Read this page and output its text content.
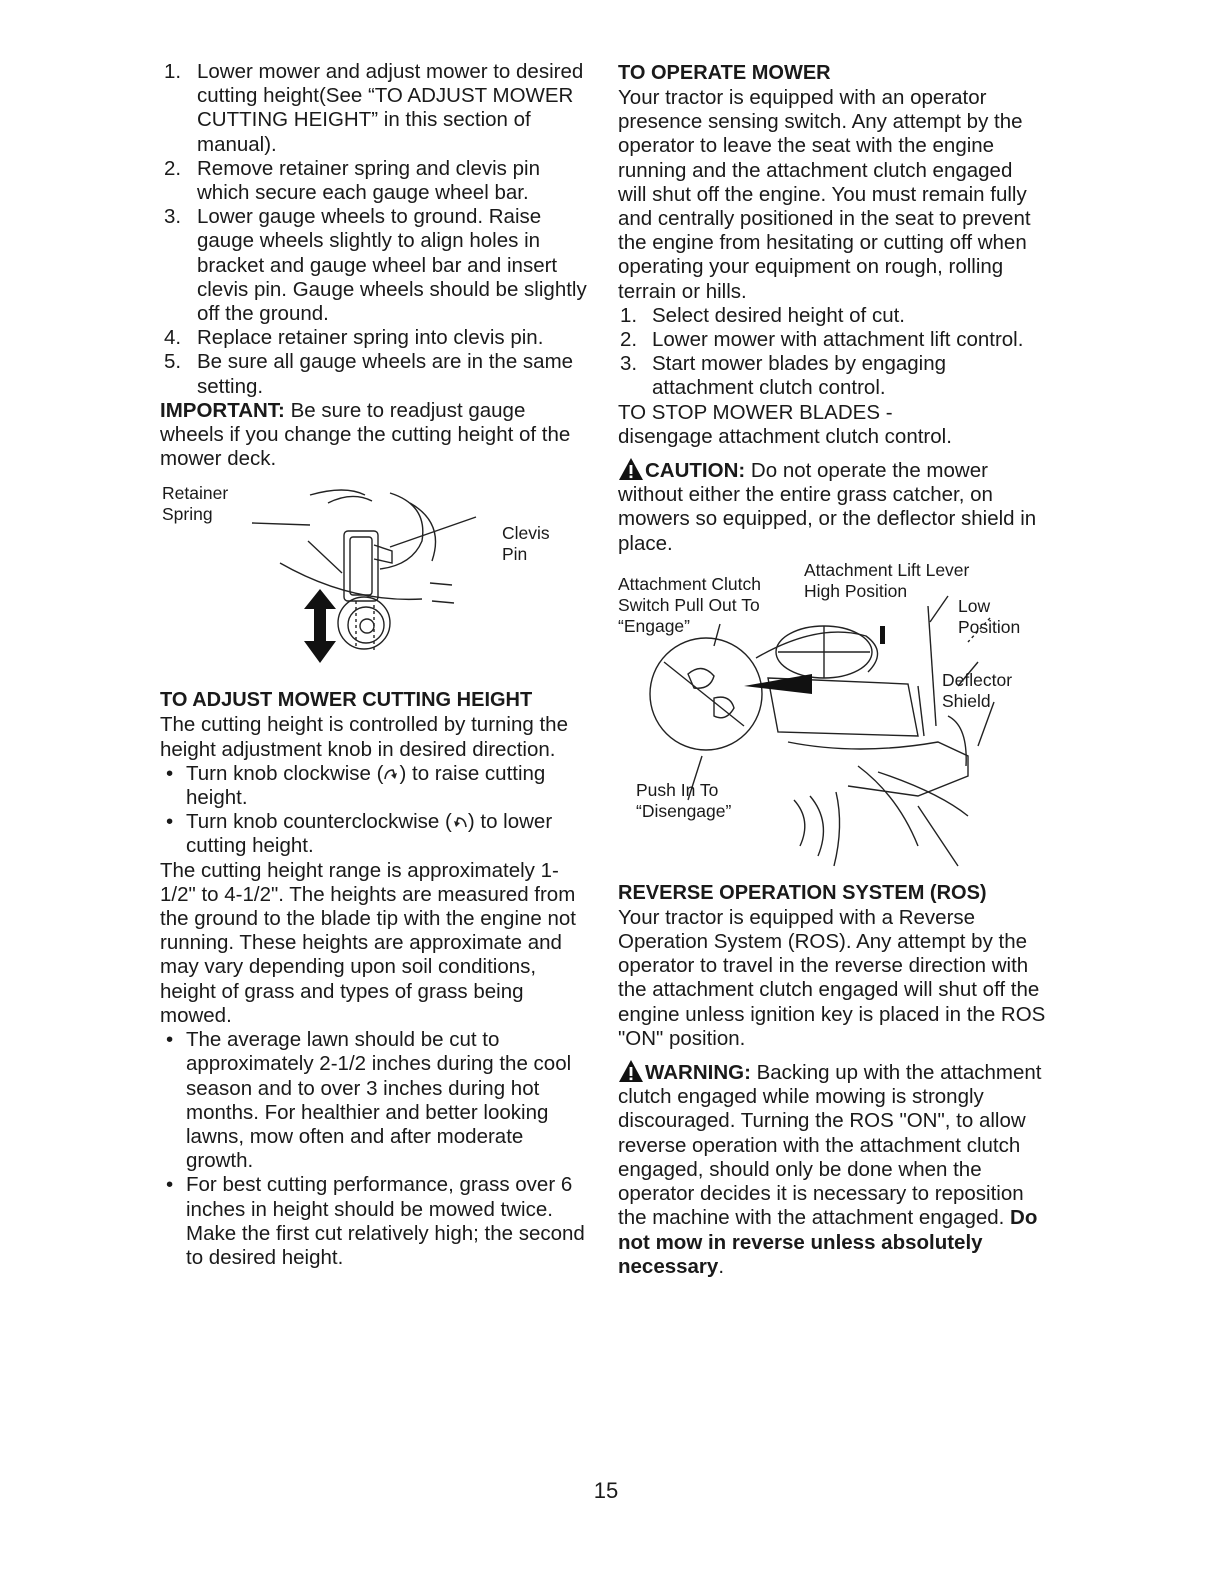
1. Lower mower and adjust mower to desired cutting height(See “TO ADJUST MOWER CUTTING HEIGHT” in this section of manual).
2. Remove retainer spring and clevis pin which secure each gauge wheel bar.
3. Lower gauge wheels to ground. Raise gauge wheels slightly to align holes in bracket and gauge wheel bar and insert clevis pin. Gauge wheels should be slightly off the ground.
4. Replace retainer spring into clevis pin.
5. Be sure all gauge wheels are in the same setting.

IMPORTANT: Be sure to readjust gauge wheels if you change the cutting height of the mower deck.

Retainer
Spring
Clevis
Pin
TO ADJUST MOWER CUTTING HEIGHT

The cutting height is controlled by turning the height adjustment knob in desired direction.

• Turn knob clockwise ( ) to raise cutting height.
• Turn knob counterclockwise ( ) to lower cutting height.

The cutting height range is approximately 1-1/2" to 4-1/2". The heights are measured from the ground to the blade tip with the engine not running. These heights are approximate and may vary depending upon soil conditions, height of grass and types of grass being mowed.

• The average lawn should be cut to approximately 2-1/2 inches during the cool season and to over 3 inches during hot months. For healthier and better looking lawns, mow often and after moderate growth.
• For best cutting performance, grass over 6 inches in height should be mowed twice. Make the first cut relatively high; the second to desired height.
TO OPERATE MOWER

Your tractor is equipped with an operator presence sensing switch. Any attempt by the operator to leave the seat with the engine running and the attachment clutch engaged will shut off the engine. You must remain fully and centrally positioned in the seat to prevent the engine from hesitating or cutting off when operating your equipment on rough, rolling terrain or hills.

1. Select desired height of cut.
2. Lower mower with attachment lift control.
3. Start mower blades by engaging attachment clutch control.

TO STOP MOWER BLADES -

disengage attachment clutch control.

CAUTION: Do not operate the mower without either the entire grass catcher, on mowers so equipped, or the deflector shield in place.

Attachment Lift Lever
High Position
Attachment Clutch
Switch Pull Out To
“Engage”
Low
Position
Deflector
Shield
Push In To
“Disengage”
REVERSE OPERATION SYSTEM (ROS)

Your tractor is equipped with a Reverse Operation System (ROS). Any attempt by the operator to travel in the reverse direction with the attachment clutch engaged will shut off the engine unless ignition key is placed in the ROS "ON" position.

WARNING: Backing up with the attachment clutch engaged while mowing is strongly discouraged. Turning the ROS "ON", to allow reverse operation with the attachment clutch engaged, should only be done when the operator decides it is necessary to reposition the machine with the attachment engaged. Do not mow in reverse unless absolutely necessary.

15
